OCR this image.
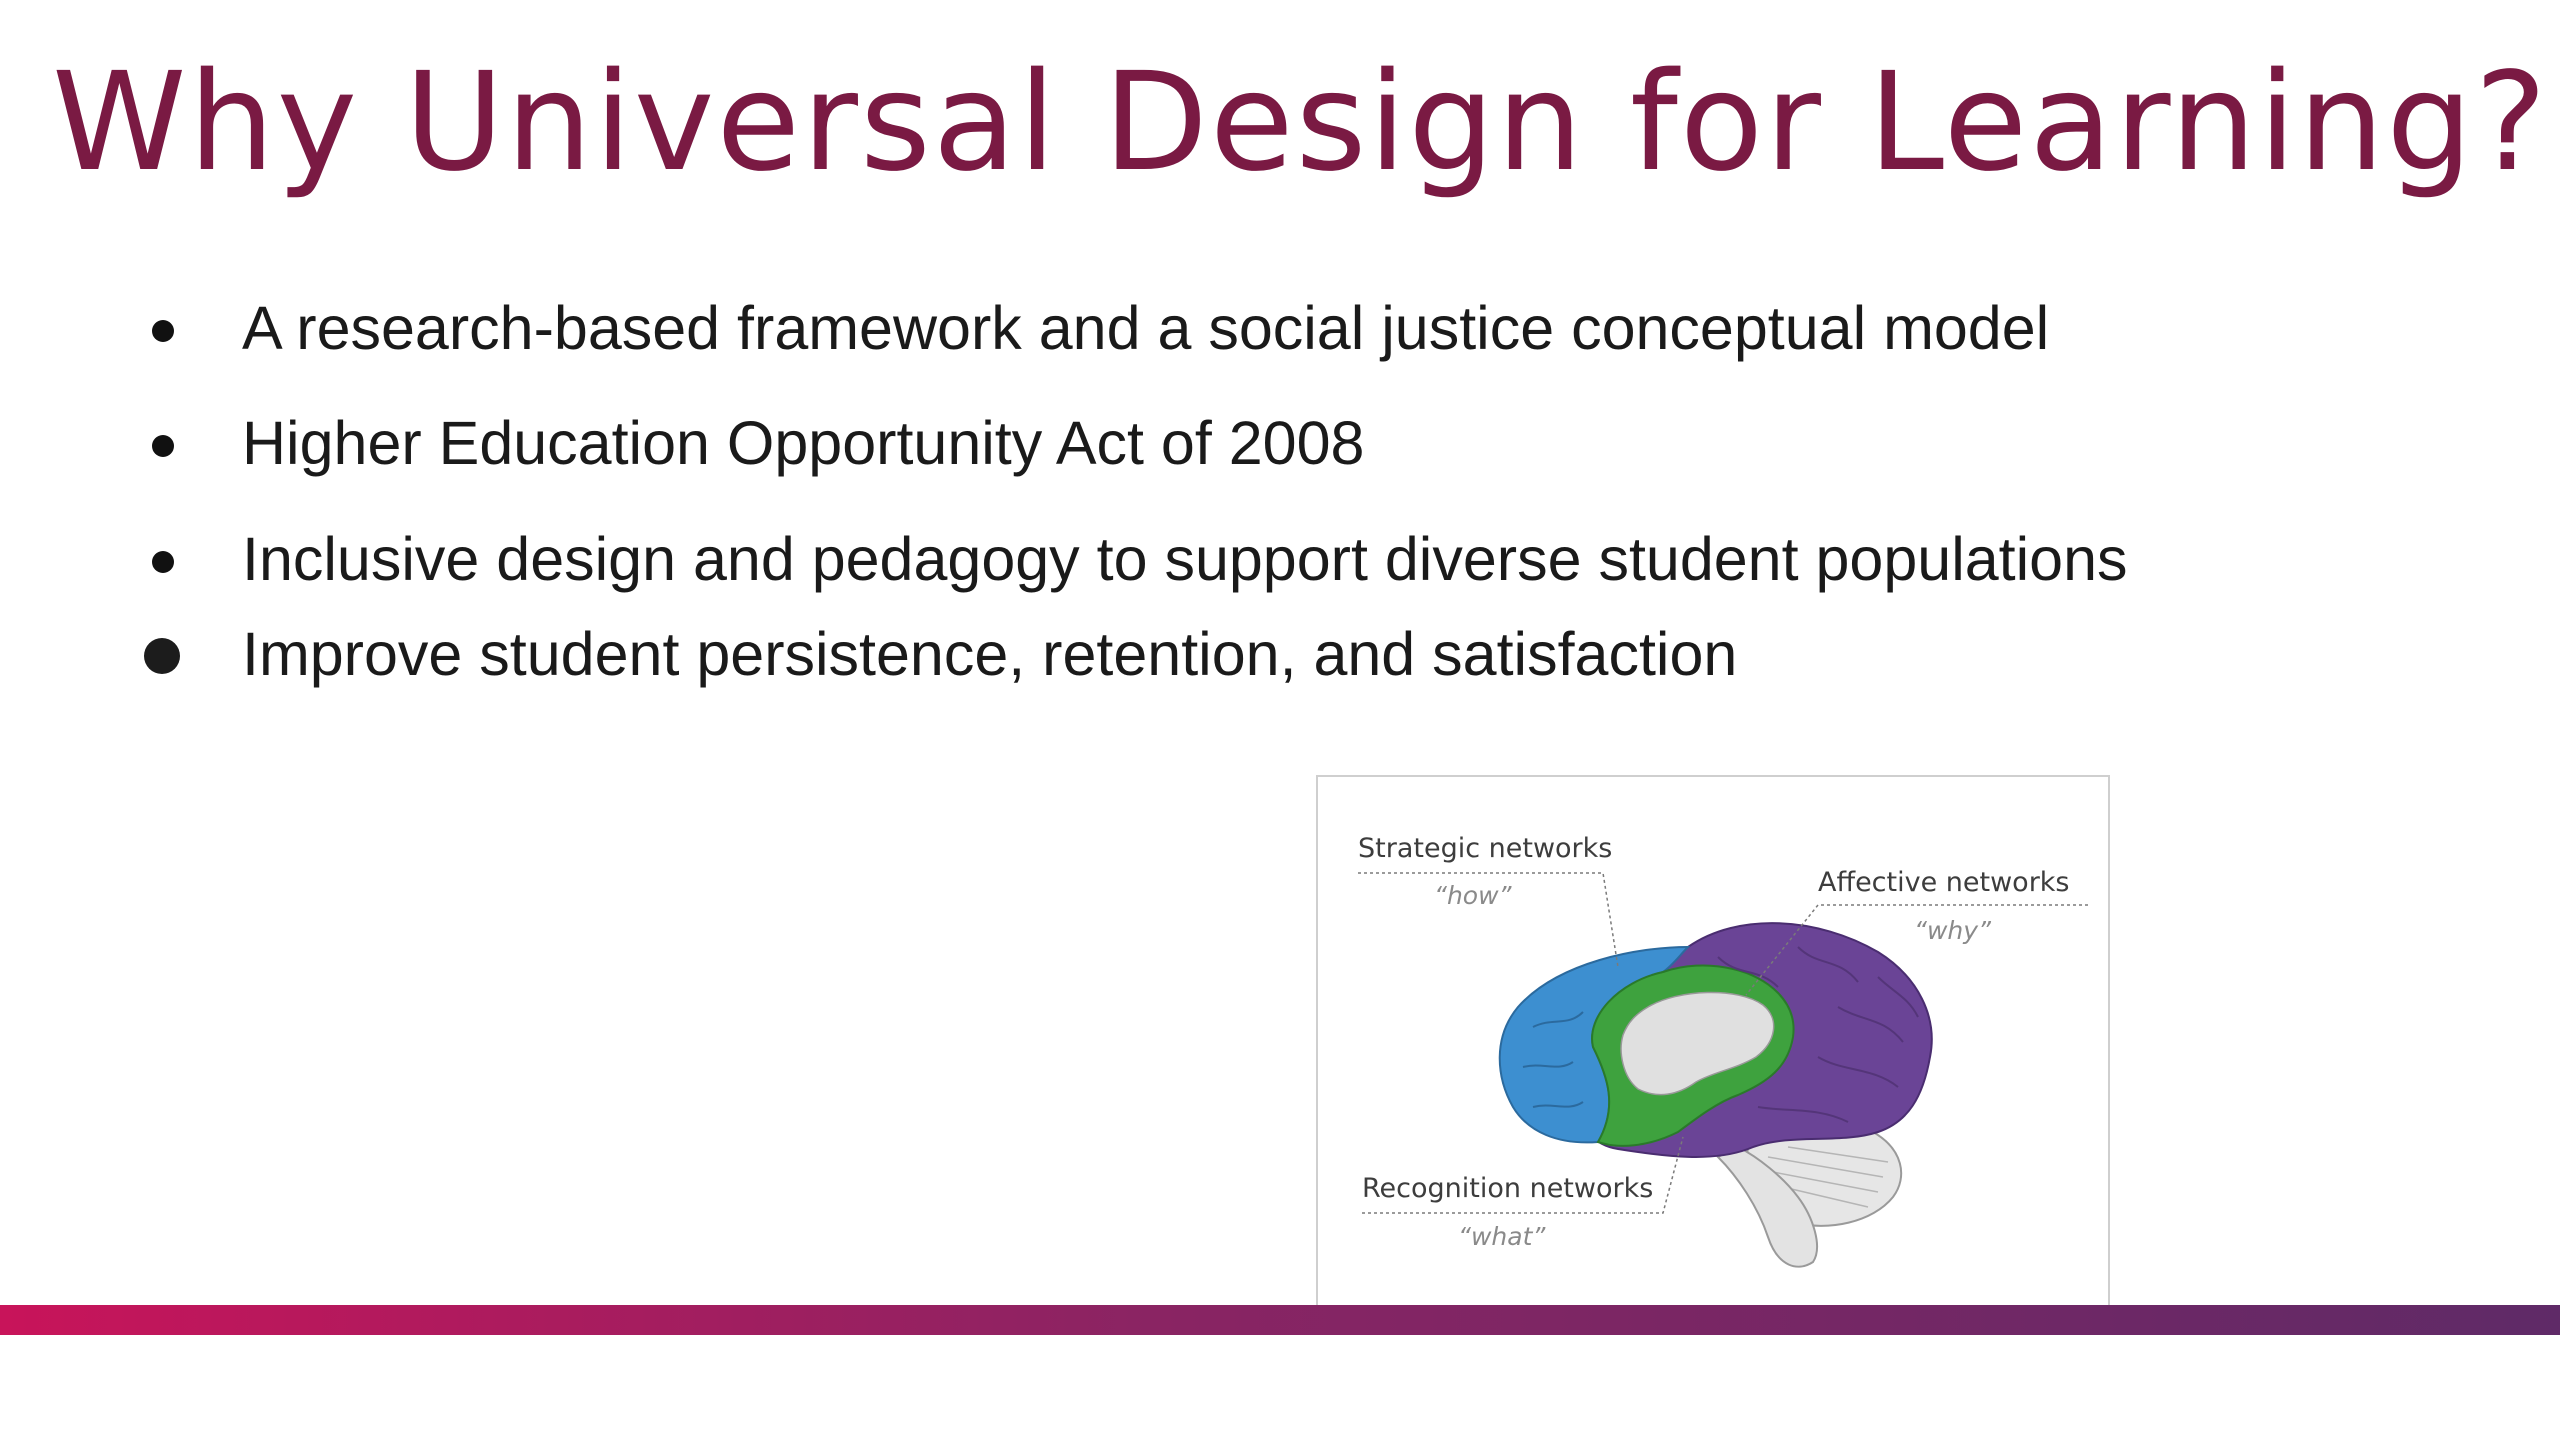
Why Universal Design for Learning?
A research-based framework and a social justice conceptual model
Higher Education Opportunity Act of 2008
Inclusive design and pedagogy to support diverse student populations
Improve student persistence, retention, and satisfaction
Strategic networks
“how”	Affective networks
“why”
Recognition networks
“what”
